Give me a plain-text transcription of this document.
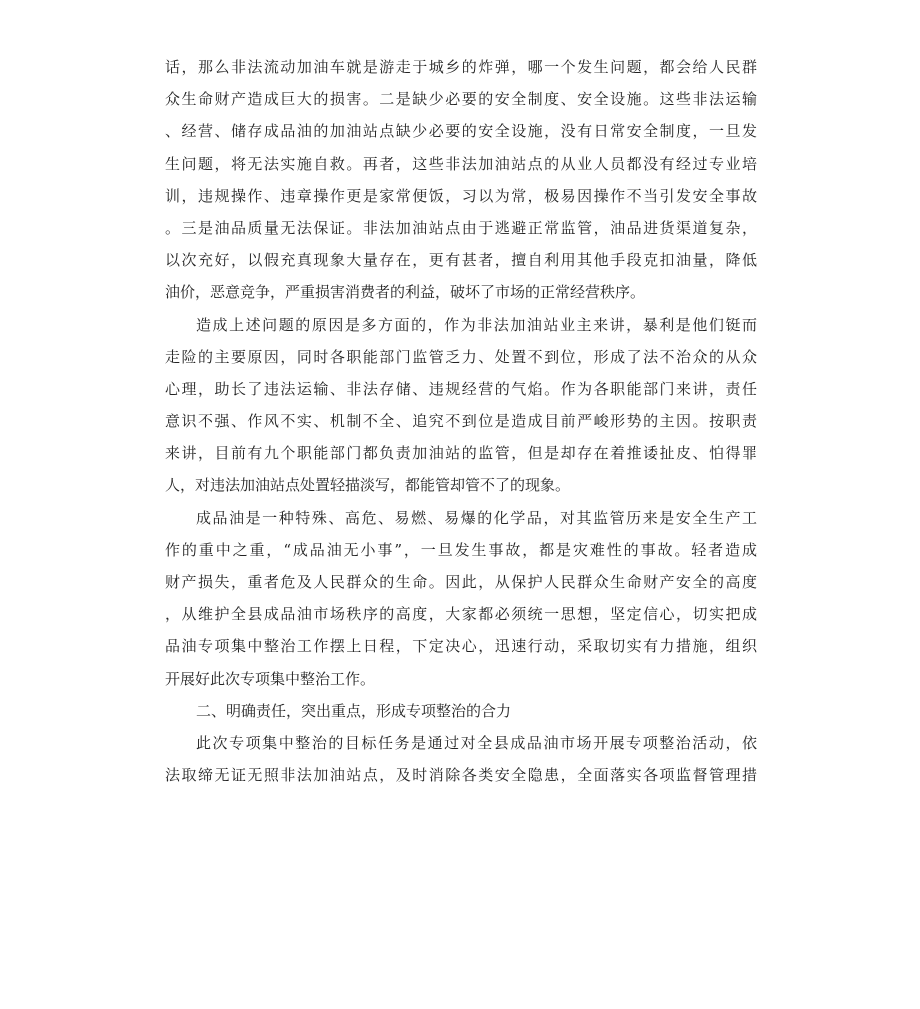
话，那么非法流动加油车就是游走于城乡的炸弹，哪一个发生问题，都会给人民群
众生命财产造成巨大的损害。二是缺少必要的安全制度、安全设施。这些非法运输
、经营、储存成品油的加油站点缺少必要的安全设施，没有日常安全制度，一旦发
生问题，将无法实施自救。再者，这些非法加油站点的从业人员都没有经过专业培
训，违规操作、违章操作更是家常便饭，习以为常，极易因操作不当引发安全事故
。三是油品质量无法保证。非法加油站点由于逃避正常监管，油品进货渠道复杂，
以次充好，以假充真现象大量存在，更有甚者，擅自利用其他手段克扣油量，降低
油价，恶意竞争，严重损害消费者的利益，破坏了市场的正常经营秩序。
造成上述问题的原因是多方面的，作为非法加油站业主来讲，暴利是他们铤而
走险的主要原因，同时各职能部门监管乏力、处置不到位，形成了法不治众的从众
心理，助长了违法运输、非法存储、违规经营的气焰。作为各职能部门来讲，责任
意识不强、作风不实、机制不全、追究不到位是造成目前严峻形势的主因。按职责
来讲，目前有九个职能部门都负责加油站的监管，但是却存在着推诿扯皮、怕得罪
人，对违法加油站点处置轻描淡写，都能管却管不了的现象。
成品油是一种特殊、高危、易燃、易爆的化学品，对其监管历来是安全生产工
作的重中之重，“成品油无小事”，一旦发生事故，都是灾难性的事故。轻者造成
财产损失，重者危及人民群众的生命。因此，从保护人民群众生命财产安全的高度
，从维护全县成品油市场秩序的高度，大家都必须统一思想，坚定信心，切实把成
品油专项集中整治工作摆上日程，下定决心，迅速行动，采取切实有力措施，组织
开展好此次专项集中整治工作。
二、明确责任，突出重点，形成专项整治的合力
此次专项集中整治的目标任务是通过对全县成品油市场开展专项整治活动，依
法取缔无证无照非法加油站点，及时消除各类安全隐患，全面落实各项监督管理措
